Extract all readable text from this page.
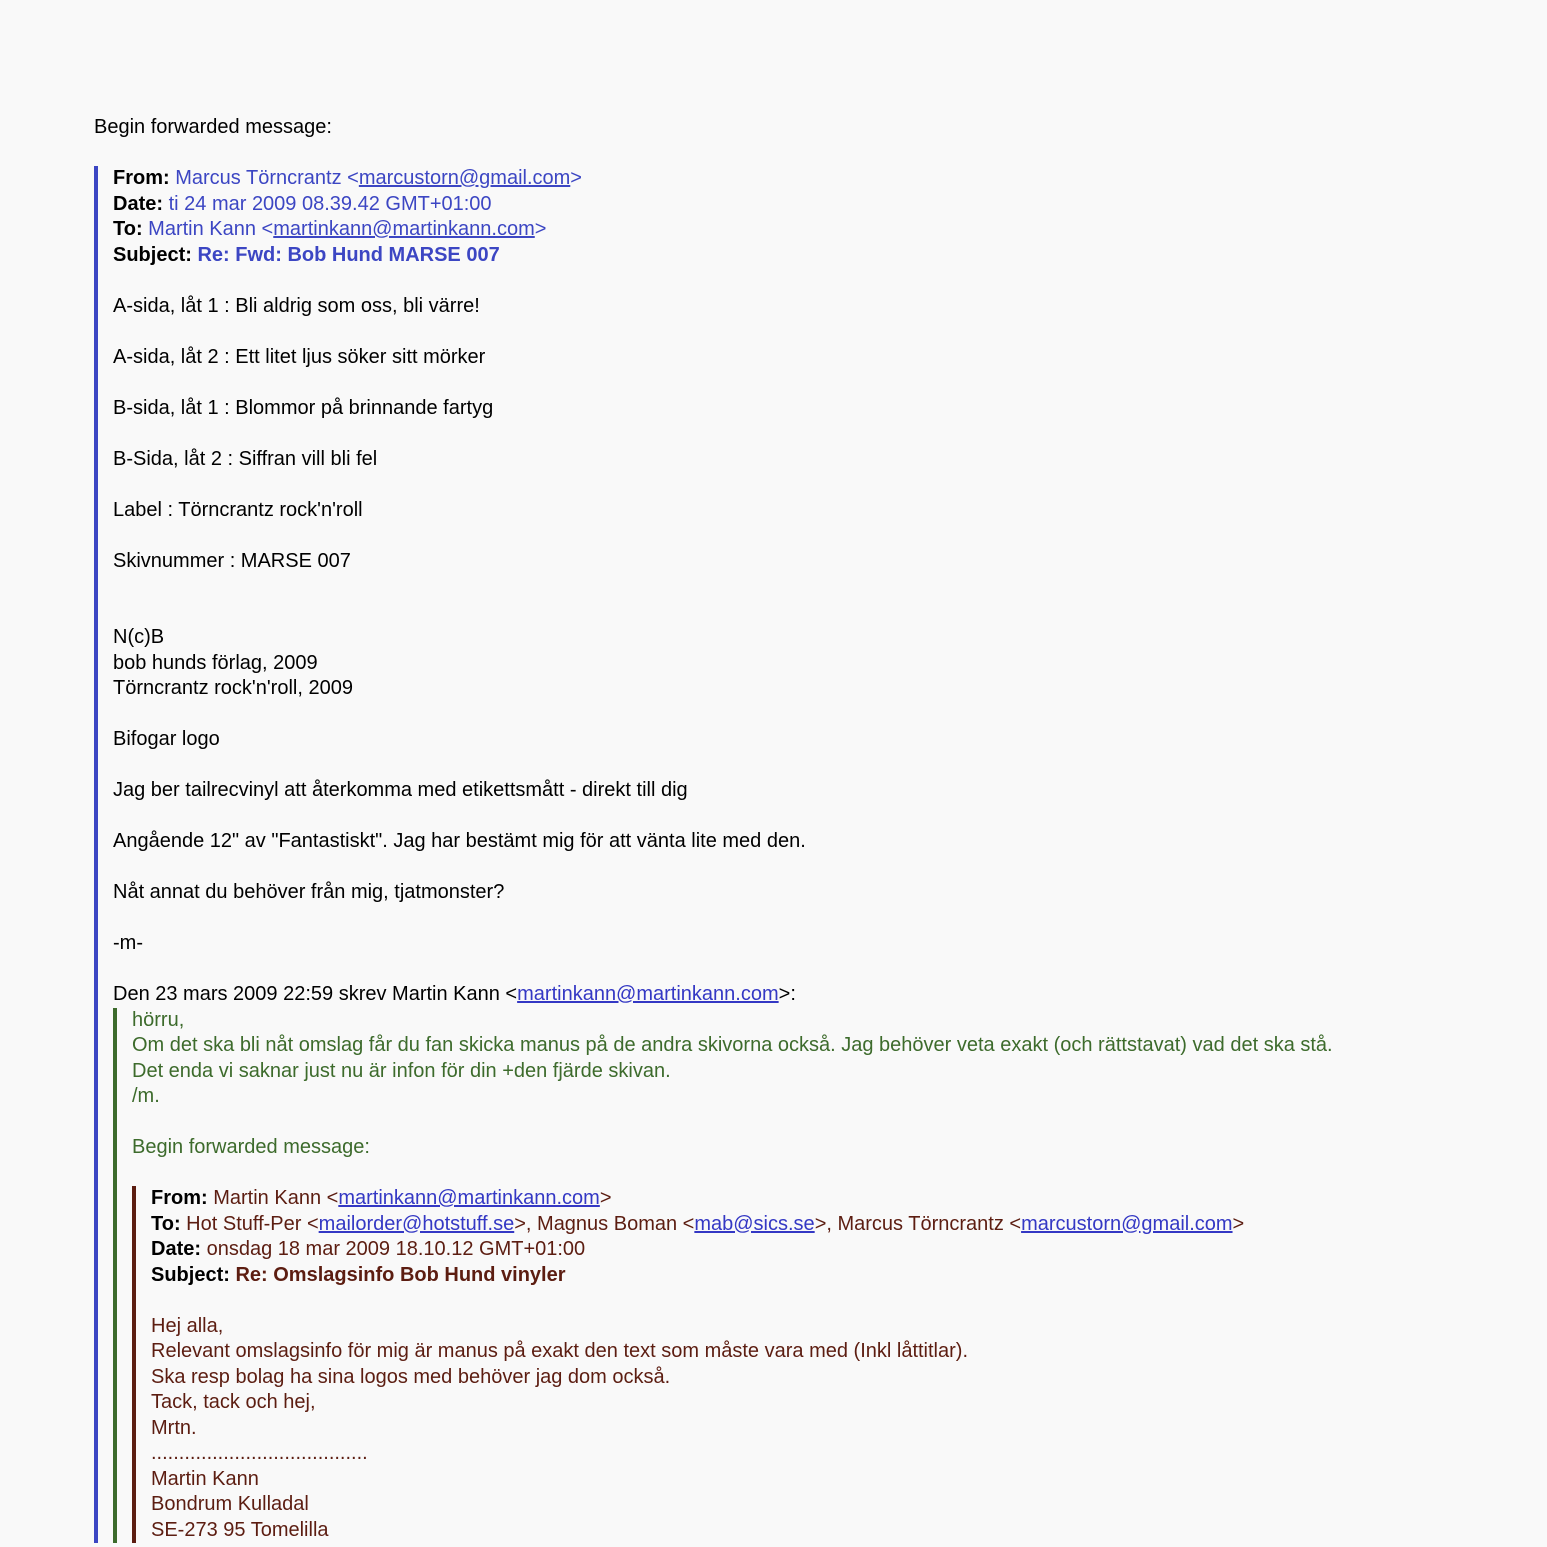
Begin forwarded message:
From: Marcus Törncrantz <marcustorn@gmail.com>
Date: ti 24 mar 2009 08.39.42 GMT+01:00
To: Martin Kann <martinkann@martinkann.com>
Subject: Re: Fwd: Bob Hund MARSE 007
A-sida, låt 1 : Bli aldrig som oss, bli värre!
A-sida, låt 2 : Ett litet ljus söker sitt mörker
B-sida, låt 1 : Blommor på brinnande fartyg
B-Sida, låt 2 : Siffran vill bli fel
Label : Törncrantz rock'n'roll
Skivnummer : MARSE 007
N(c)B
bob hunds förlag, 2009
Törncrantz rock'n'roll, 2009
Bifogar logo
Jag ber tailrecvinyl att återkomma med etikettsmått - direkt till dig
Angående 12" av "Fantastiskt". Jag har bestämt mig för att vänta lite med den.
Nåt annat du behöver från mig, tjatmonster?
-m-
Den 23 mars 2009 22:59 skrev Martin Kann <martinkann@martinkann.com>:
hörru,
Om det ska bli nåt omslag får du fan skicka manus på de andra skivorna också. Jag behöver veta exakt (och rättstavat) vad det ska stå.
Det enda vi saknar just nu är infon för din +den fjärde skivan.
/m.
Begin forwarded message:
From: Martin Kann <martinkann@martinkann.com>
To: Hot Stuff-Per <mailorder@hotstuff.se>, Magnus Boman <mab@sics.se>, Marcus Törncrantz <marcustorn@gmail.com>
Date: onsdag 18 mar 2009 18.10.12 GMT+01:00
Subject: Re: Omslagsinfo Bob Hund vinyler
Hej alla,
Relevant omslagsinfo för mig är manus på exakt den text som måste vara med (Inkl låttitlar).
Ska resp bolag ha sina logos med behöver jag dom också.
Tack, tack och hej,
Mrtn.
.......................................
Martin Kann
Bondrum Kulladal
SE-273 95 Tomelilla
